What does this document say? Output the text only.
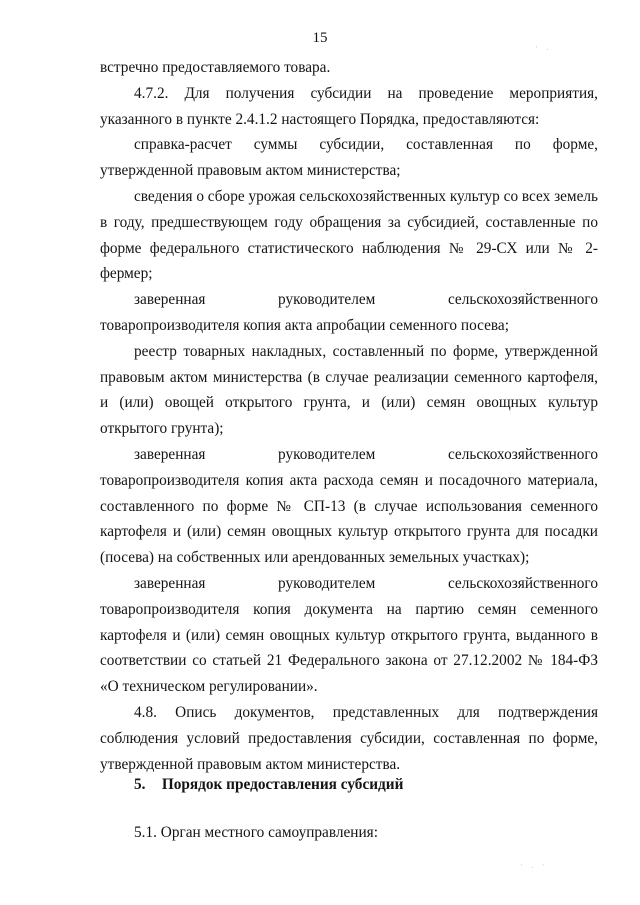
15

встречно предоставляемого товара.

4.7.2. Для получения субсидии на проведение мероприятия, указанного в пункте 2.4.1.2 настоящего Порядка, предоставляются:

справка-расчет суммы субсидии, составленная по форме, утвержденной правовым актом министерства;

сведения о сборе урожая сельскохозяйственных культур со всех земель в году, предшествующем году обращения за субсидией, составленные по форме федерального статистического наблюдения № 29-СХ или № 2-фермер;

заверенная	руководителем	сельскохозяйственного

товаропроизводителя копия акта апробации семенного посева;

реестр товарных накладных, составленный по форме, утвержденной правовым актом министерства (в случае реализации семенного картофеля, и (или) овощей открытого грунта, и (или) семян овощных культур открытого грунта);

заверенная	руководителем	сельскохозяйственного

товаропроизводителя копия акта расхода семян и посадочного материала, составленного по форме № СП-13 (в случае использования семенного картофеля и (или) семян овощных культур открытого грунта для посадки (посева) на собственных или арендованных земельных участках);

заверенная	руководителем	сельскохозяйственного

товаропроизводителя копия документа на партию семян семенного картофеля и (или) семян овощных культур открытого грунта, выданного в соответствии со статьей 21 Федерального закона от 27.12.2002 № 184-ФЗ «О техническом регулировании».

4.8. Опись документов, представленных для подтверждения соблюдения условий предоставления субсидии, составленная по форме, утвержденной правовым актом министерства.

5. Порядок предоставления субсидий
5.1. Орган местного самоуправления:
· .
· . ·
